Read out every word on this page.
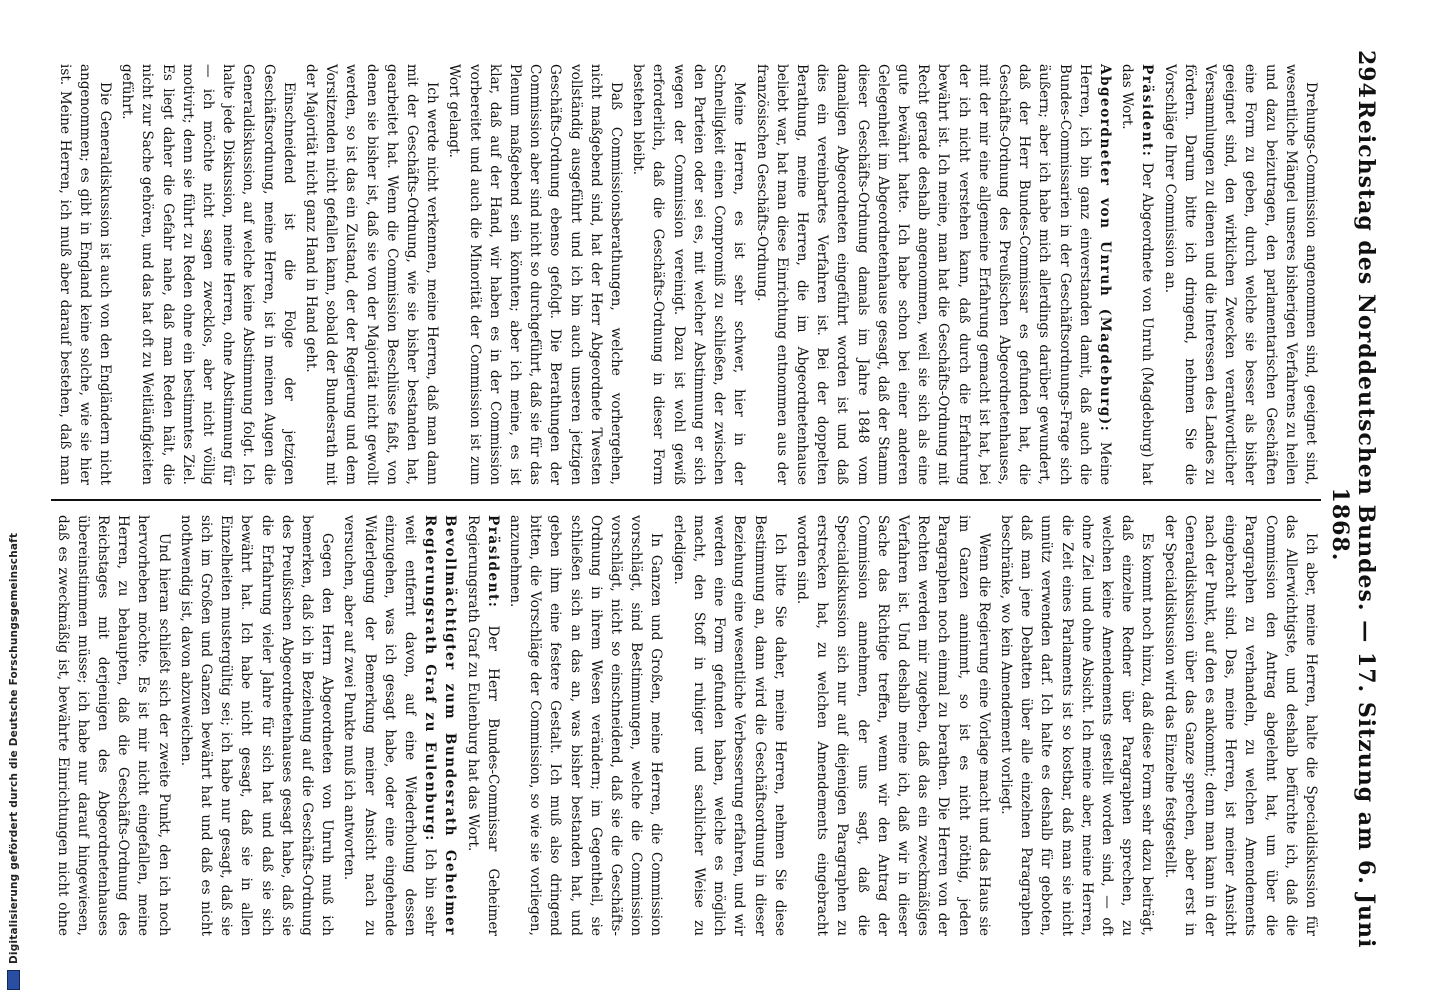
294
Reichstag des Norddeutschen Bundes. — 17. Sitzung am 6. Juni 1868.

Drehungs-Commission angenommen sind, geeignet sind, wesentliche Mängel unseres bisherigen Verfahrens zu heilen und dazu beizutragen, den parlamentarischen Geschäften eine Form zu geben, durch welche sie besser als bisher geeignet sind, den wirklichen Zwecken verantwortlicher Versammlungen zu dienen und die Interessen des Landes zu fördern. Darum bitte ich dringend, nehmen Sie die Vorschläge Ihrer Commission an.

Präsident: Der Abgeordnete von Unruh (Magdeburg) hat das Wort.

Abgeordneter von Unruh (Magdeburg): Meine Herren, ich bin ganz einverstanden damit, daß auch die Bundes-Commissarien in der Geschäftsordnungs-Frage sich äußern; aber ich habe mich allerdings darüber gewundert, daß der Herr Bundes-Commissar es gefunden hat, die Geschäfts-Ordnung des Preußischen Abgeordnetenhauses, mit der mir eine allgemeine Erfahrung gemacht ist hat, bei der ich nicht verstehen kann, daß durch die Erfahrung bewährt ist. Ich meine, man hat die Geschäfts-Ordnung mit Recht gerade deshalb angenommen, weil sie sich als eine gute bewährt hatte. Ich habe schon bei einer anderen Gelegenheit im Abgeordnetenhause gesagt, daß der Stamm dieser Geschäfts-Ordnung damals im Jahre 1848 vom damaligen Abgeordneten eingeführt worden ist und daß dies ein vereinbartes Verfahren ist. Bei der doppelten Berathung, meine Herren, die im Abgeordnetenhause beliebt war, hat man diese Einrichtung entnommen aus der französischen Geschäfts-Ordnung.

Meine Herren, es ist sehr schwer, hier in der Schnelligkeit einen Compromiß zu schließen, der zwischen den Parteien oder sei es, mit welcher Abstimmung er sich wegen der Commission vereinigt. Dazu ist wohl gewiß erforderlich, daß die Geschäfts-Ordnung in dieser Form bestehen bleibt.

Daß Commissionsberathungen, welche vorhergehen, nicht maßgebend sind, hat der Herr Abgeordnete Twesten vollständig ausgeführt und ich bin auch unseren jetzigen Geschäfts-Ordnung ebenso gefolgt. Die Berathungen der Commission aber sind nicht so durchgeführt, daß sie für das Plenum maßgebend sein könnten; aber ich meine, es ist klar, daß auf der Hand, wir haben es in der Commission vorbereitet und auch die Minorität der Commission ist zum Wort gelangt.

Ich werde nicht verkennen, meine Herren, daß man dann mit der Geschäfts-Ordnung, wie sie bisher bestanden hat, gearbeitet hat. Wenn die Commission Beschlüsse faßt, von denen sie bisher ist, daß sie von der Majorität nicht gewollt werden, so ist das ein Zustand, der der Regierung und dem Vorsitzenden nicht gefallen kann, sobald der Bundesrath mit der Majorität nicht ganz Hand in Hand geht.

Einschneidend ist die Folge der jetzigen Geschäftsordnung, meine Herren, ist in meinen Augen die Generaldiskussion, auf welche keine Abstimmung folgt. Ich halte jede Diskussion, meine Herren, ohne Abstimmung für — ich möchte nicht sagen zwecklos, aber nicht völlig motivirt; denn sie führt zu Reden ohne ein bestimmtes Ziel. Es liegt daher die Gefahr nahe, daß man Reden hält, die nicht zur Sache gehören, und das hat oft zu Weitläufigkeiten geführt.

Die Generaldiskussion ist auch von den Engländern nicht angenommen; es gibt in England keine solche, wie sie hier ist. Meine Herren, ich muß aber darauf bestehen, daß man

Ich aber, meine Herren, halte die Specialdiskussion für das Allerwichtigste, und deshalb befürchte ich, daß die Commission den Antrag abgelehnt hat, um über die Paragraphen zu verhandeln, zu welchen Amendements eingebracht sind. Das, meine Herren, ist meiner Ansicht nach der Punkt, auf den es ankommt; denn man kann in der Generaldiskussion über das Ganze sprechen, aber erst in der Specialdiskussion wird das Einzelne festgestellt.

Es kommt noch hinzu, daß diese Form sehr dazu beiträgt, daß einzelne Redner über Paragraphen sprechen, zu welchen keine Amendements gestellt worden sind, — oft ohne Ziel und ohne Absicht. Ich meine aber, meine Herren, die Zeit eines Parlaments ist so kostbar, daß man sie nicht unnütz verwenden darf. Ich halte es deshalb für geboten, daß man jene Debatten über alle einzelnen Paragraphen beschränke, wo kein Amendement vorliegt.

Wenn die Regierung eine Vorlage macht und das Haus sie im Ganzen annimmt, so ist es nicht nöthig, jeden Paragraphen noch einmal zu berathen. Die Herren von der Rechten werden mir zugeben, daß das ein zweckmäßiges Verfahren ist. Und deshalb meine ich, daß wir in dieser Sache das Richtige treffen, wenn wir den Antrag der Commission annehmen, der uns sagt, daß die Specialdiskussion sich nur auf diejenigen Paragraphen zu erstrecken hat, zu welchen Amendements eingebracht worden sind.

Ich bitte Sie daher, meine Herren, nehmen Sie diese Bestimmung an, dann wird die Geschäftsordnung in dieser Beziehung eine wesentliche Verbesserung erfahren, und wir werden eine Form gefunden haben, welche es möglich macht, den Stoff in ruhiger und sachlicher Weise zu erledigen.

In Ganzen und Großen, meine Herren, die Commission vorschlägt, sind Bestimmungen, welche die Commission vorschlägt, nicht so einschneidend, daß sie die Geschäfts-Ordnung in ihrem Wesen verändern; im Gegentheil, sie schließen sich an das an, was bisher bestanden hat, und geben ihm eine festere Gestalt. Ich muß also dringend bitten, die Vorschläge der Commission, so wie sie vorliegen, anzunehmen.

Präsident: Der Herr Bundes-Commissar Geheimer Regierungsrath Graf zu Eulenburg hat das Wort.

Bevollmächtigter zum Bundesrath Geheimer Regierungsrath Graf zu Eulenburg: Ich bin sehr weit entfernt davon, auf eine Wiederholung dessen einzugehen, was ich gesagt habe, oder eine eingehende Widerlegung der Bemerkung meiner Ansicht nach zu versuchen, aber auf zwei Punkte muß ich antworten.

Gegen den Herrn Abgeordneten von Unruh muß ich bemerken, daß ich in Beziehung auf die Geschäfts-Ordnung des Preußischen Abgeordnetenhauses gesagt habe, daß sie die Erfahrung vieler Jahre für sich hat und daß sie sich bewährt hat. Ich habe nicht gesagt, daß sie in allen Einzelheiten mustergültig sei; ich habe nur gesagt, daß sie sich im Großen und Ganzen bewährt hat und daß es nicht nothwendig ist, davon abzuweichen.

Und hieran schließt sich der zweite Punkt, den ich noch hervorheben möchte. Es ist mir nicht eingefallen, meine Herren, zu behaupten, daß die Geschäfts-Ordnung des Reichstages mit derjenigen des Abgeordnetenhauses übereinstimmen müsse; ich habe nur darauf hingewiesen, daß es zweckmäßig ist, bewährte Einrichtungen nicht ohne

Digitalisierung gefördert durch die Deutsche Forschungsgemeinschaft
